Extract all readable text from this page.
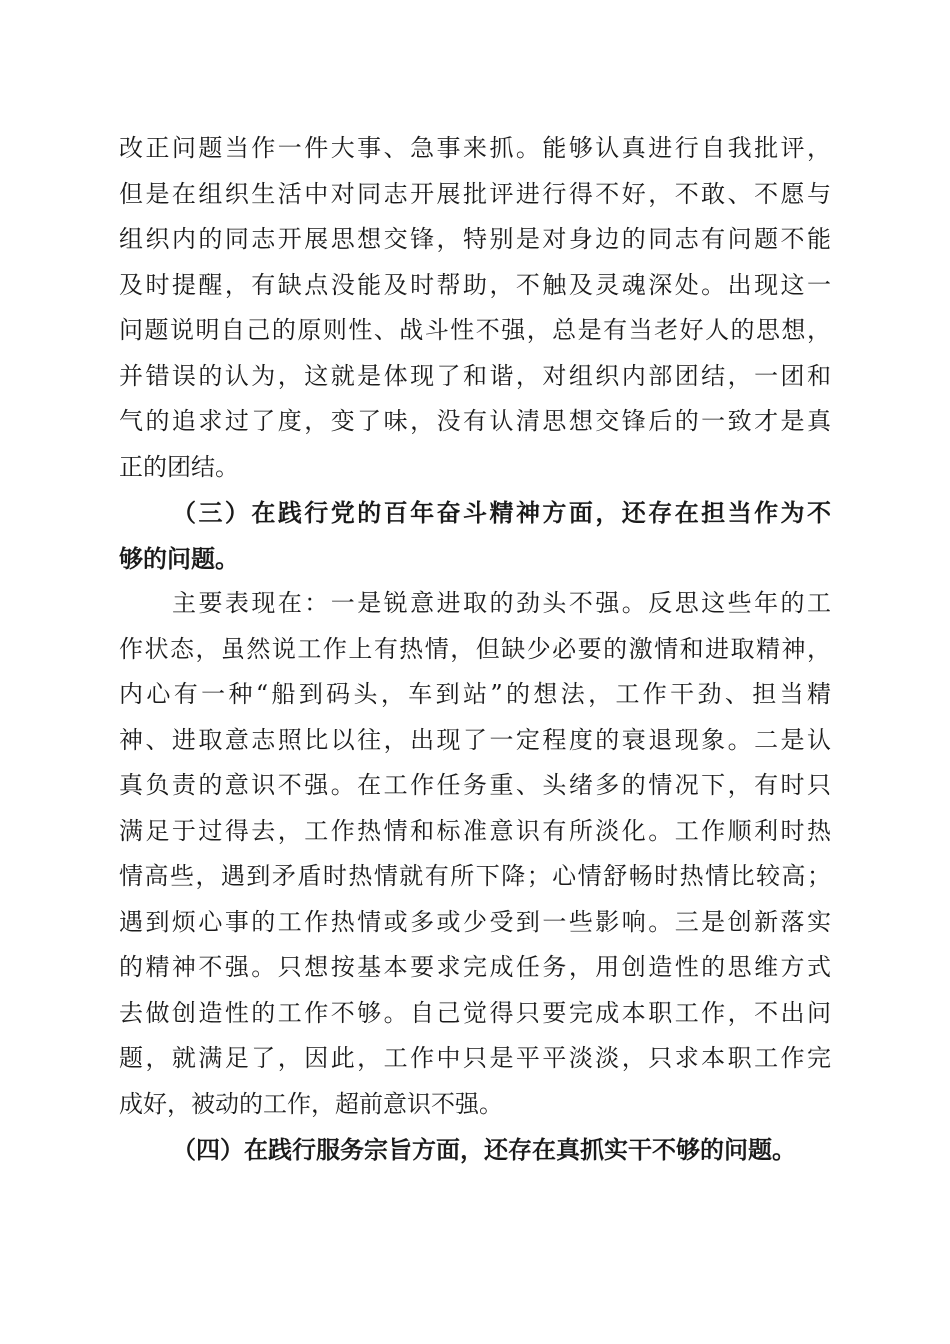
改正问题当作一件大事、急事来抓。能够认真进行自我批评，
但是在组织生活中对同志开展批评进行得不好，不敢、不愿与
组织内的同志开展思想交锋，特别是对身边的同志有问题不能
及时提醒，有缺点没能及时帮助，不触及灵魂深处。出现这一
问题说明自己的原则性、战斗性不强，总是有当老好人的思想，
并错误的认为，这就是体现了和谐，对组织内部团结，一团和
气的追求过了度，变了味，没有认清思想交锋后的一致才是真
正的团结。
（三）在践行党的百年奋斗精神方面，还存在担当作为不
够的问题。
主要表现在：一是锐意进取的劲头不强。反思这些年的工
作状态，虽然说工作上有热情，但缺少必要的激情和进取精神，
内心有一种“船到码头，车到站”的想法，工作干劲、担当精
神、进取意志照比以往，出现了一定程度的衰退现象。二是认
真负责的意识不强。在工作任务重、头绪多的情况下，有时只
满足于过得去，工作热情和标准意识有所淡化。工作顺利时热
情高些，遇到矛盾时热情就有所下降；心情舒畅时热情比较高；
遇到烦心事的工作热情或多或少受到一些影响。三是创新落实
的精神不强。只想按基本要求完成任务，用创造性的思维方式
去做创造性的工作不够。自己觉得只要完成本职工作，不出问
题，就满足了，因此，工作中只是平平淡淡，只求本职工作完
成好，被动的工作，超前意识不强。
（四）在践行服务宗旨方面，还存在真抓实干不够的问题。
